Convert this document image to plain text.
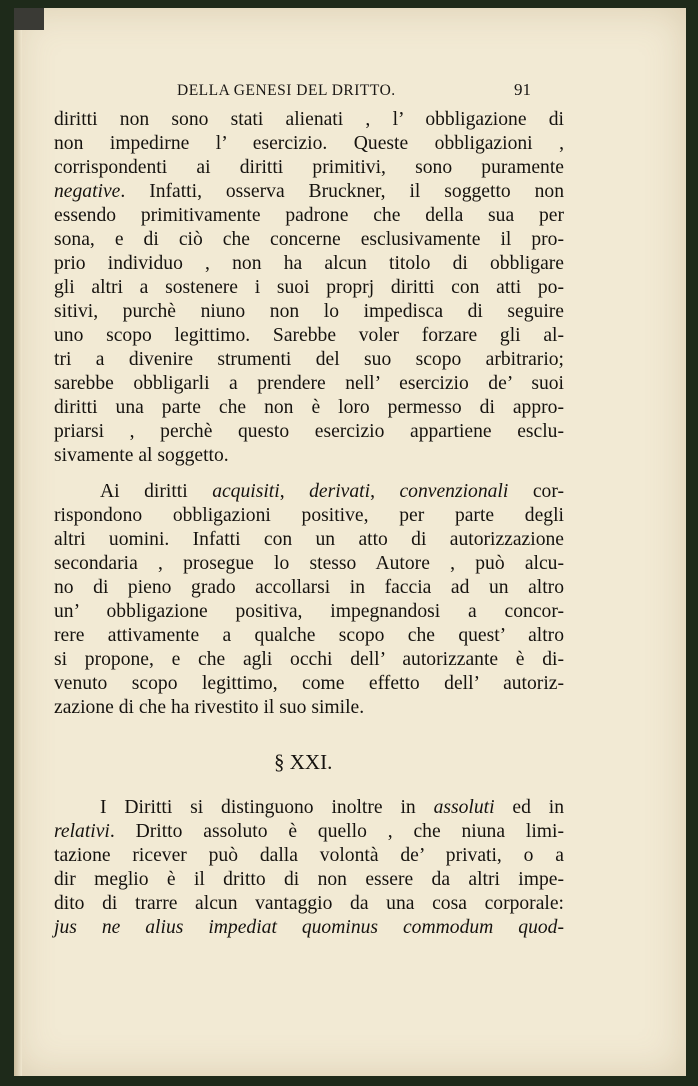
DELLA GENESI DEL DRITTO.	91
diritti non sono stati alienati , l’ obbligazione di
non impedirne l’ esercizio. Queste obbligazioni ,
corrispondenti ai diritti primitivi, sono puramente
negative. Infatti, osserva Bruckner, il soggetto non
essendo primitivamente padrone che della sua per
sona, e di ciò che concerne esclusivamente il pro-
prio individuo , non ha alcun titolo di obbligare
gli altri a sostenere i suoi proprj diritti con atti po-
sitivi, purchè niuno non lo impedisca di seguire
uno scopo legittimo. Sarebbe voler forzare gli al-
tri a divenire strumenti del suo scopo arbitrario;
sarebbe obbligarli a prendere nell’ esercizio de’ suoi
diritti una parte che non è loro permesso di appro-
priarsi , perchè questo esercizio appartiene esclu-
sivamente al soggetto.
Ai diritti acquisiti, derivati, convenzionali cor-
rispondono obbligazioni positive, per parte degli
altri uomini. Infatti con un atto di autorizzazione
secondaria , prosegue lo stesso Autore , può alcu-
no di pieno grado accollarsi in faccia ad un altro
un’ obbligazione positiva, impegnandosi a concor-
rere attivamente a qualche scopo che quest’ altro
si propone, e che agli occhi dell’ autorizzante è di-
venuto scopo legittimo, come effetto dell’ autoriz-
zazione di che ha rivestito il suo simile.
§ XXI.
I Diritti si distinguono inoltre in assoluti ed in
relativi. Dritto assoluto è quello , che niuna limi-
tazione ricever può dalla volontà de’ privati, o a
dir meglio è il dritto di non essere da altri impe-
dito di trarre alcun vantaggio da una cosa corporale:
jus ne alius impediat quominus commodum quod-
